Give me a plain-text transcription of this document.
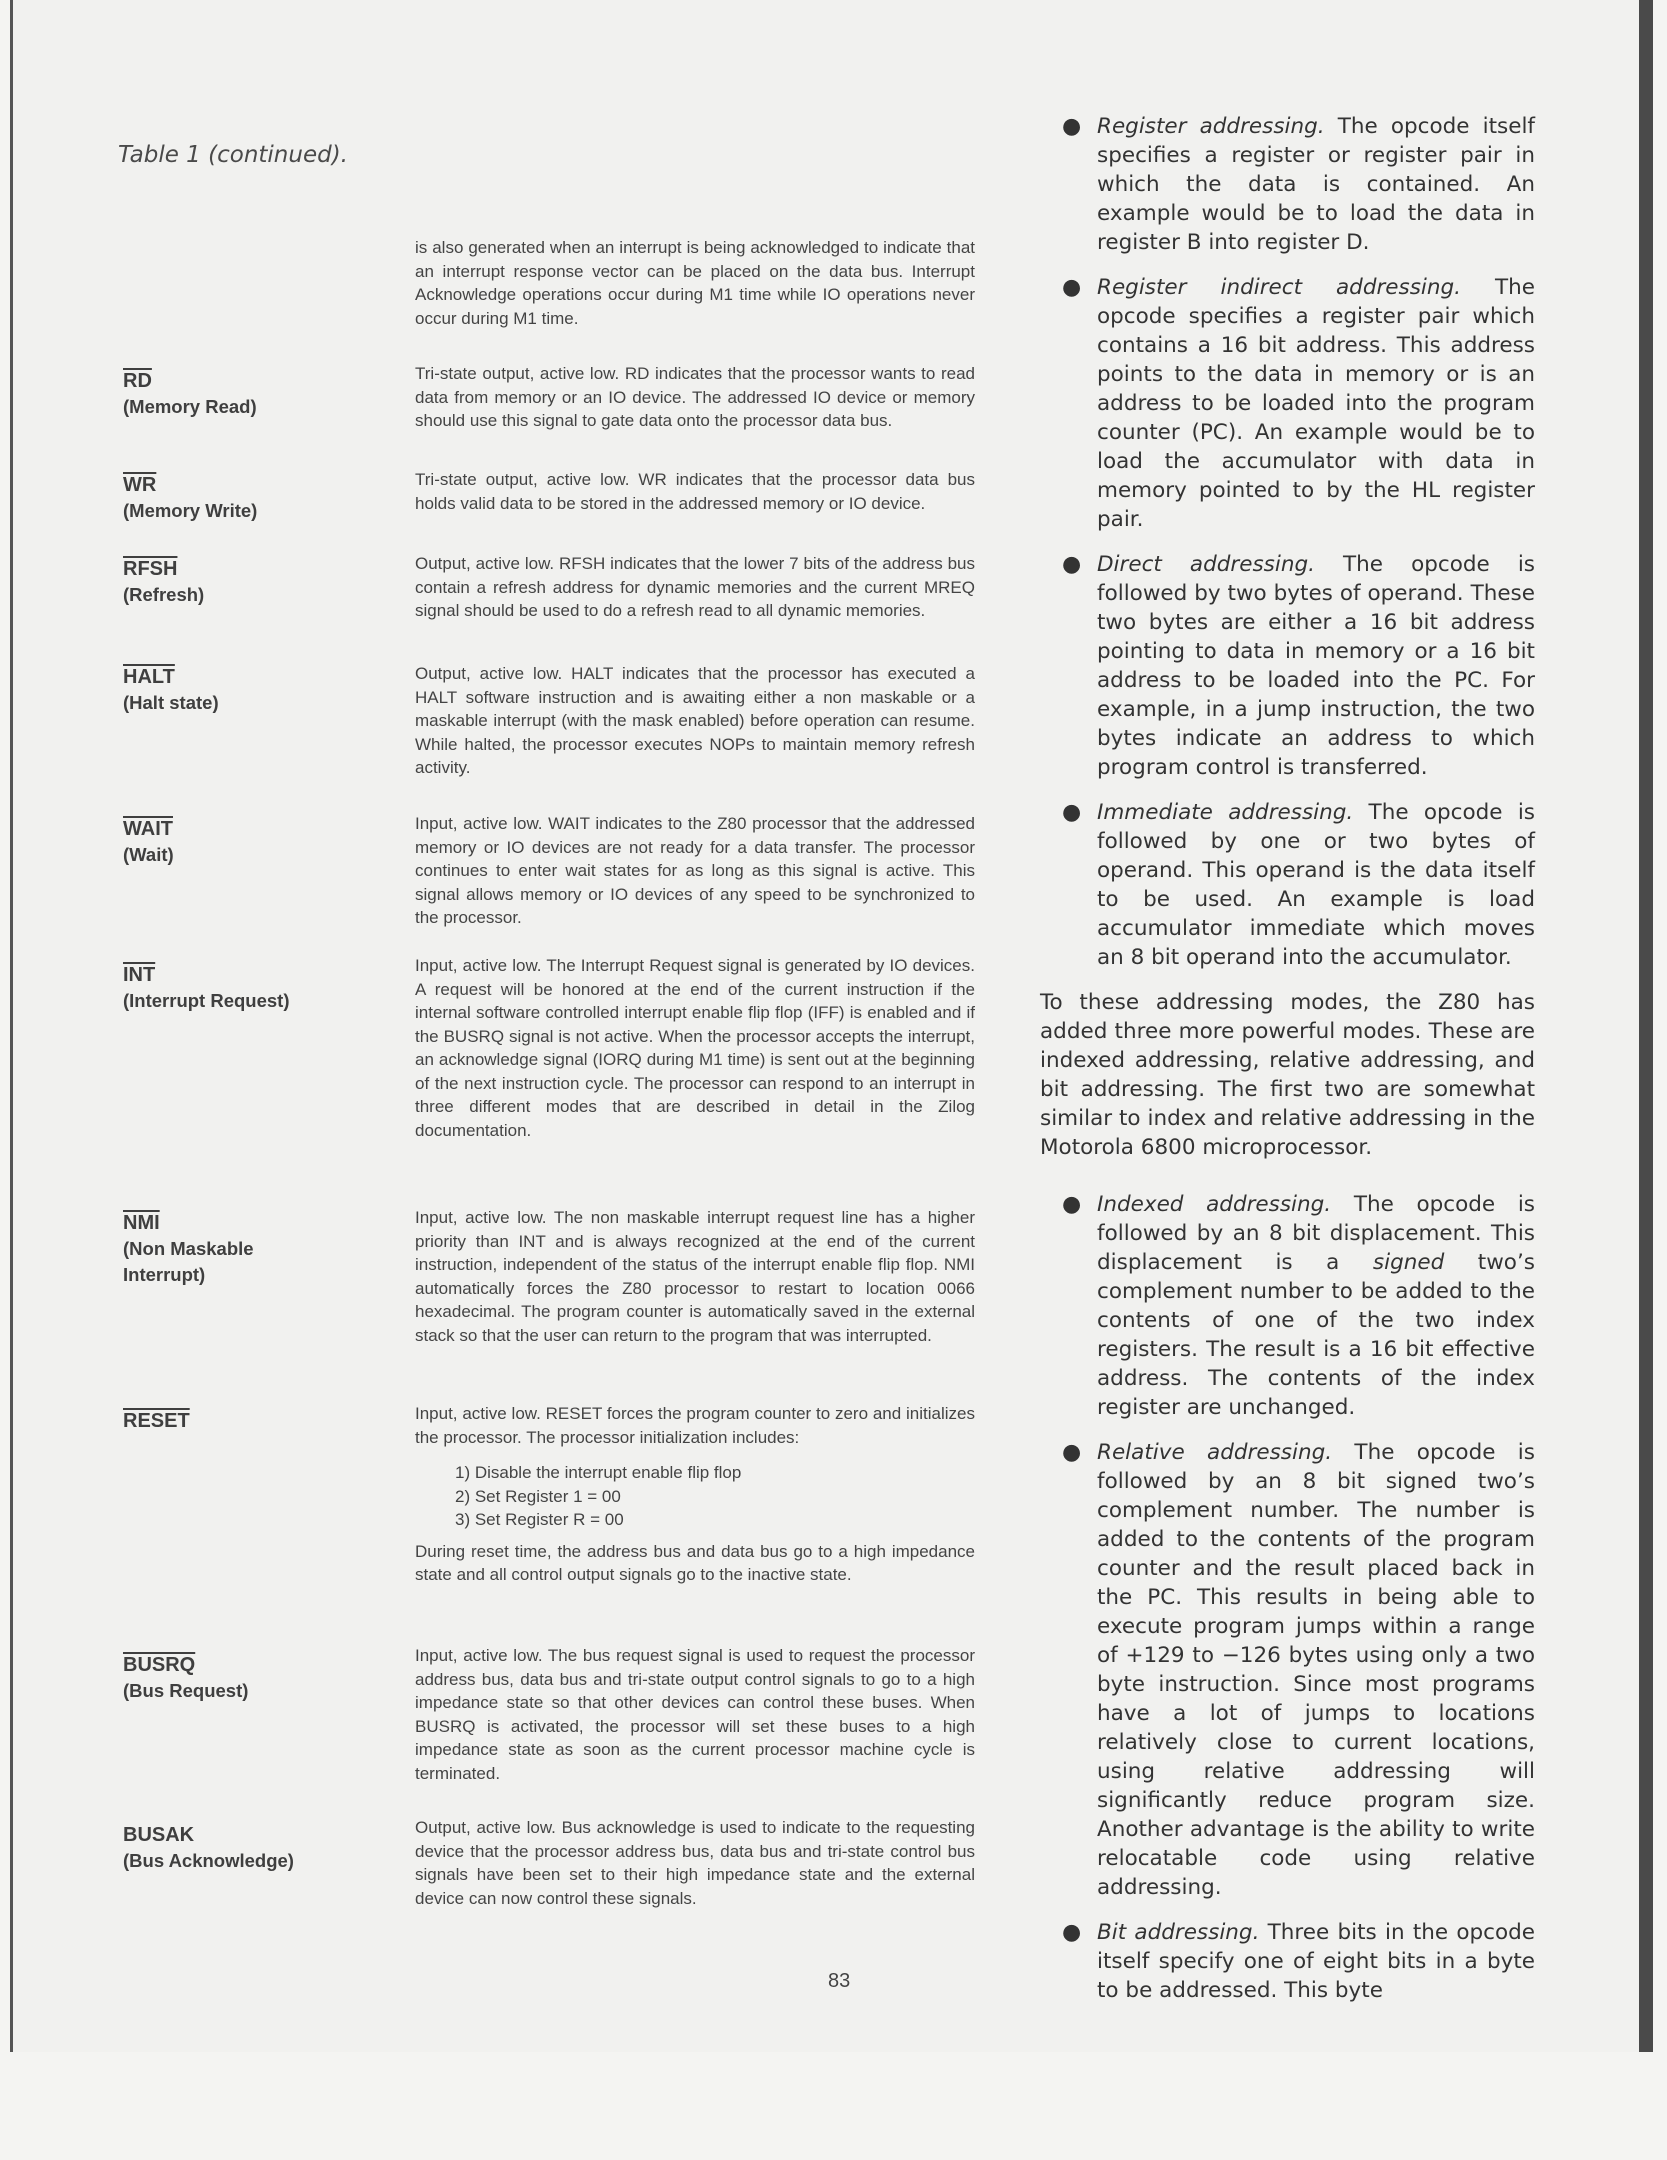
Table 1 (continued).
$\overline{RD}$
(Memory Read)
$\overline{WR}$
(Memory Write)
RFSH
(Refresh)
HALT
(Halt state)
WAIT
(Wait)
$\overline{INT}$
(Interrupt Request)
$\overline{NMI}$
(Non Maskable Interrupt)
RESET
BUSRQ
(Bus Request)
BUSAK
(Bus Acknowledge)

is also generated when an interrupt is being acknowledged to indicate that an interrupt response vector can be placed on the data bus. Interrupt Acknowledge operations occur during M1 time while IO operations never occur during M1 time.

Tri-state output, active low. RD indicates that the processor wants to read data from memory or an IO device. The addressed IO device or memory should use this signal to gate data onto the processor data bus.

Tri-state output, active low. WR indicates that the processor data bus holds valid data to be stored in the addressed memory or IO device.

Output, active low. RFSH indicates that the lower 7 bits of the address bus contain a refresh address for dynamic memories and the current MREQ signal should be used to do a refresh read to all dynamic memories.

Output, active low. HALT indicates that the processor has executed a HALT software instruction and is awaiting either a non maskable or a maskable interrupt (with the mask enabled) before operation can resume. While halted, the processor executes NOPs to maintain memory refresh activity.

Input, active low. WAIT indicates to the Z80 processor that the addressed memory or IO devices are not ready for a data transfer. The processor continues to enter wait states for as long as this signal is active. This signal allows memory or IO devices of any speed to be synchronized to the processor.

Input, active low. The Interrupt Request signal is generated by IO devices. A request will be honored at the end of the current instruction if the internal software controlled interrupt enable flip flop (IFF) is enabled and if the BUSRQ signal is not active. When the processor accepts the interrupt, an acknowledge signal (IORQ during M1 time) is sent out at the beginning of the next instruction cycle. The processor can respond to an interrupt in three different modes that are described in detail in the Zilog documentation.

Input, active low. The non maskable interrupt request line has a higher priority than INT and is always recognized at the end of the current instruction, independent of the status of the interrupt enable flip flop. NMI automatically forces the Z80 processor to restart to location 0066 hexadecimal. The program counter is automatically saved in the external stack so that the user can return to the program that was interrupted.

Input, active low. RESET forces the program counter to zero and initializes the processor. The processor initialization includes:

1) Disable the interrupt enable flip flop
2) Set Register 1 = 00
3) Set Register R = 00

During reset time, the address bus and data bus go to a high impedance state and all control output signals go to the inactive state.

Input, active low. The bus request signal is used to request the processor address bus, data bus and tri-state output control signals to go to a high impedance state so that other devices can control these buses. When BUSRQ is activated, the processor will set these buses to a high impedance state as soon as the current processor machine cycle is terminated.

Output, active low. Bus acknowledge is used to indicate to the requesting device that the processor address bus, data bus and tri-state control bus signals have been set to their high impedance state and the external device can now control these signals.

● Register addressing. The opcode itself specifies a register or register pair in which the data is contained. An example would be to load the data in register B into register D.
● Register indirect addressing. The opcode specifies a register pair which contains a 16 bit address. This address points to the data in memory or is an address to be loaded into the program counter (PC). An example would be to load the accumulator with data in memory pointed to by the HL register pair.
● Direct addressing. The opcode is followed by two bytes of operand. These two bytes are either a 16 bit address pointing to data in memory or a 16 bit address to be loaded into the PC. For example, in a jump instruction, the two bytes indicate an address to which program control is transferred.
● Immediate addressing. The opcode is followed by one or two bytes of operand. This operand is the data itself to be used. An example is load accumulator immediate which moves an 8 bit operand into the accumulator.
To these addressing modes, the Z80 has added three more powerful modes. These are indexed addressing, relative addressing, and bit addressing. The first two are somewhat similar to index and relative addressing in the Motorola 6800 microprocessor.
● Indexed addressing. The opcode is followed by an 8 bit displacement. This displacement is a signed two’s complement number to be added to the contents of one of the two index registers. The result is a 16 bit effective address. The contents of the index register are unchanged.
● Relative addressing. The opcode is followed by an 8 bit signed two’s complement number. The number is added to the contents of the program counter and the result placed back in the PC. This results in being able to execute program jumps within a range of +129 to −126 bytes using only a two byte instruction. Since most programs have a lot of jumps to locations relatively close to current locations, using relative addressing will significantly reduce program size. Another advantage is the ability to write relocatable code using relative addressing.
● Bit addressing. Three bits in the opcode itself specify one of eight bits in a byte to be addressed. This byte
83
